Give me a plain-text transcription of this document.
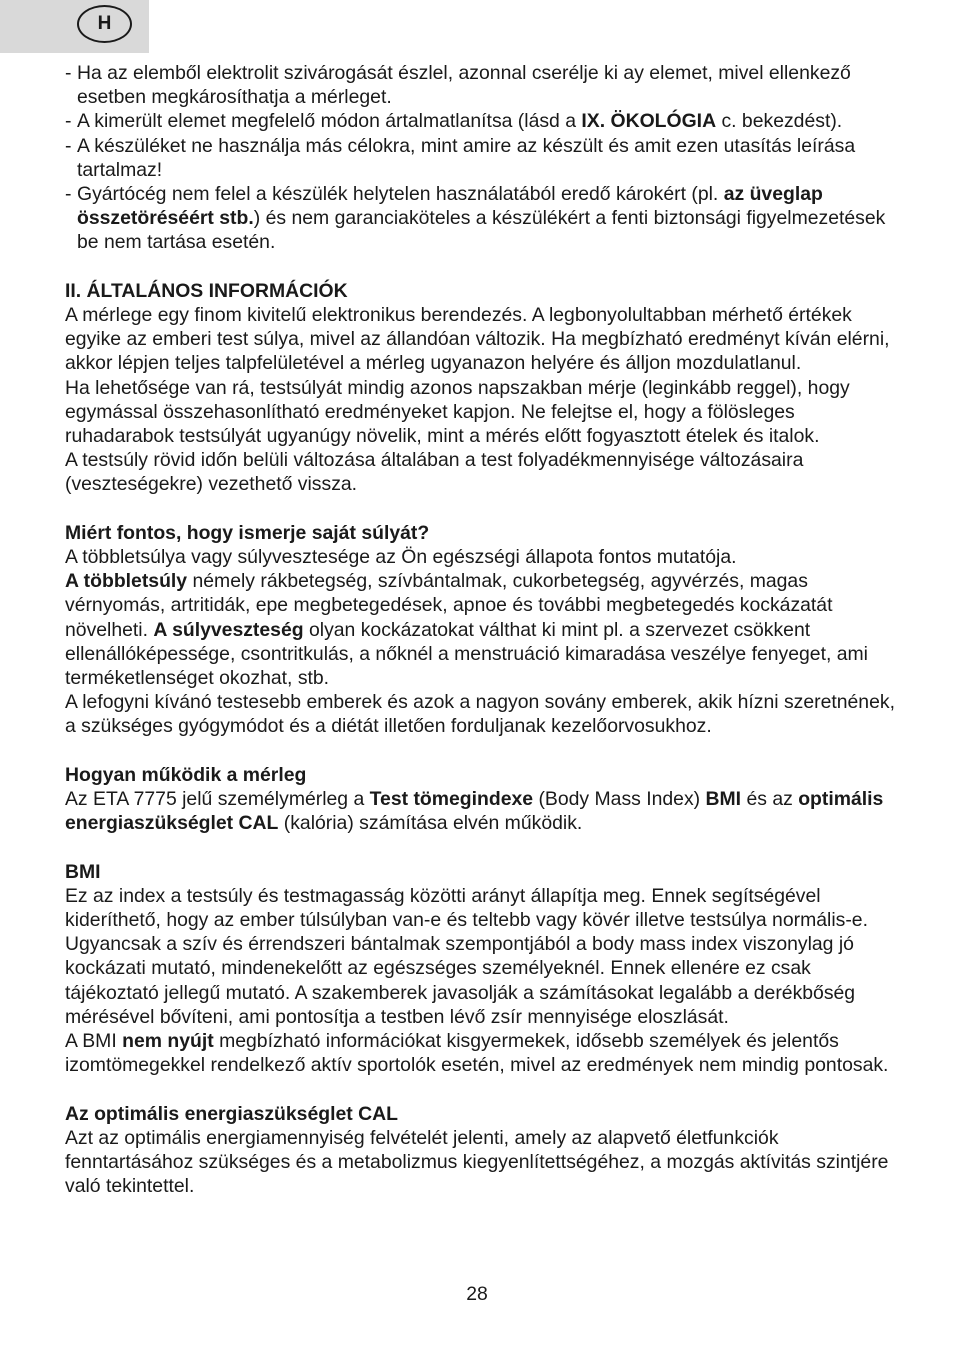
H
- Ha az elemből elektrolit szivárogását észlel, azonnal cserélje ki ay elemet, mivel ellenkező esetben megkárosíthatja a mérleget.
- A kimerült elemet megfelelő módon ártalmatlanítsa (lásd a IX. ÖKOLÓGIA c. bekezdést).
- A készüléket ne használja más célokra, mint amire az készült és amit ezen utasítás leírása tartalmaz!
- Gyártócég nem felel a készülék helytelen használatából eredő károkért (pl. az üveglap összetöréséért stb.) és nem garanciaköteles a készülékért a fenti biztonsági figyelmezetések be nem tartása esetén.
II. ÁLTALÁNOS INFORMÁCIÓK
A mérlege egy finom kivitelű elektronikus berendezés. A legbonyolultabban mérhető értékek egyike az emberi test súlya, mivel az állandóan változik. Ha megbízható eredményt kíván elérni, akkor lépjen teljes talpfelületével a mérleg ugyanazon helyére és álljon mozdulatlanul.
Ha lehetősége van rá, testsúlyát mindig azonos napszakban mérje (leginkább reggel), hogy egymással összehasonlítható eredményeket kapjon. Ne felejtse el, hogy a fölösleges ruhadarabok testsúlyát ugyanúgy növelik, mint a mérés előtt fogyasztott ételek és italok.
A testsúly rövid időn belüli változása általában a test folyadékmennyisége változásaira (veszteségekre) vezethető vissza.
Miért fontos, hogy ismerje saját súlyát?
A többletsúlya vagy súlyvesztesége az Ön egészségi állapota fontos mutatója.
A többletsúly némely rákbetegség, szívbántalmak, cukorbetegség, agyvérzés, magas vérnyomás, artritidák, epe megbetegedések, apnoe és további megbetegedés kockázatát növelheti. A súlyveszteség olyan kockázatokat válthat ki mint pl. a szervezet csökkent ellenállóképessége, csontritkulás, a nőknél a menstruáció kimaradása veszélye fenyeget, ami terméketlenséget okozhat, stb.
A lefogyni kívánó testesebb emberek és azok a nagyon sovány emberek, akik hízni szeretnének, a szükséges gyógymódot és a diétát illetően forduljanak kezelőorvosukhoz.
Hogyan működik a mérleg
Az ETA 7775 jelű személymérleg a Test tömegindexe (Body Mass Index) BMI és az optimális energiaszükséglet CAL (kalória) számítása elvén működik.
BMI
Ez az index a testsúly és testmagasság közötti arányt állapítja meg. Ennek segítségével kideríthető, hogy az ember túlsúlyban van-e és teltebb vagy kövér illetve testsúlya normális-e. Ugyancsak a szív és érrendszeri bántalmak szempontjából a body mass index viszonylag jó kockázati mutató, mindenekelőtt az egészséges személyeknél. Ennek ellenére ez csak tájékoztató jellegű mutató. A szakemberek javasolják a számításokat legalább a derékbőség mérésével bővíteni, ami pontosítja a testben lévő zsír mennyisége eloszlását.
A BMI nem nyújt megbízható információkat kisgyermekek, idősebb személyek és jelentős izomtömegekkel rendelkező aktív sportolók esetén, mivel az eredmények nem mindig pontosak.
Az optimális energiaszükséglet CAL
Azt az optimális energiamennyiség felvételét jelenti, amely az alapvető életfunkciók fenntartásához szükséges és a metabolizmus kiegyenlítettségéhez, a mozgás aktívitás szintjére való tekintettel.
28
